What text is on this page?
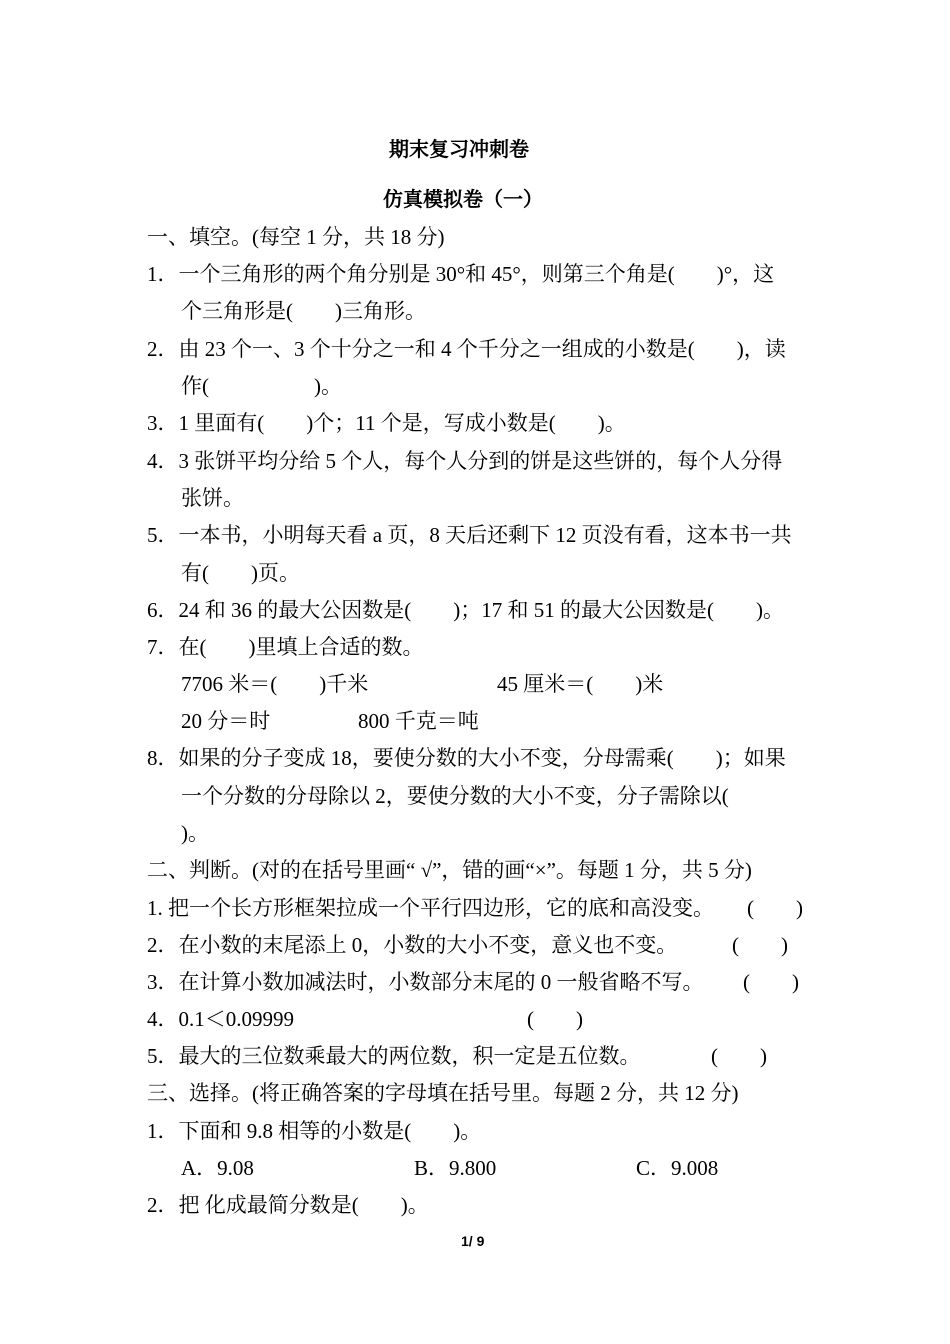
期末复习冲刺卷
仿真模拟卷（一）
一、填空。(每空 1 分，共 18 分)
1．一个三角形的两个角分别是 30°和 45°，则第三个角是(        )°，这
个三角形是(        )三角形。
2．由 23 个一、3 个十分之一和 4 个千分之一组成的小数是(        )，读
作(                    )。
3．1 里面有(        )个；11 个是，写成小数是(        )。
4．3 张饼平均分给 5 个人，每个人分到的饼是这些饼的，每个人分得
张饼。
5．一本书，小明每天看 a 页，8 天后还剩下 12 页没有看，这本书一共
有(        )页。
6．24 和 36 的最大公因数是(        )；17 和 51 的最大公因数是(        )。
7．在(        )里填上合适的数。
7706 米＝(        )千米	45 厘米＝(        )米
20 分＝时	800 千克＝吨
8．如果的分子变成 18，要使分数的大小不变，分母需乘(        )；如果
一个分数的分母除以 2，要使分数的大小不变，分子需除以(
)。
二、判断。(对的在括号里画“ √”，错的画“×”。每题 1 分，共 5 分)
1. 把一个长方形框架拉成一个平行四边形，它的底和高没变。 (        )
2．在小数的末尾添上 0，小数的大小不变，意义也不变。	(        )
3．在计算小数加减法时，小数部分末尾的 0 一般省略不写。 (        )
4．0.1＜0.09999	(        )
5．最大的三位数乘最大的两位数，积一定是五位数。	(        )
三、选择。(将正确答案的字母填在括号里。每题 2 分，共 12 分)
1．下面和 9.8 相等的小数是(        )。
A．9.08	B．9.800	C．9.008
2．把 化成最简分数是(        )。
1/ 9
